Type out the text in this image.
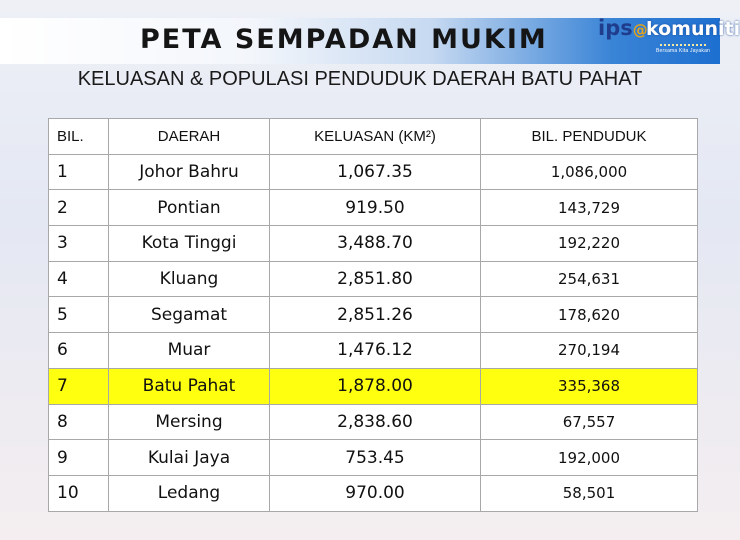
PETA SEMPADAN MUKIM ips@
komuniti
Bersama Kita Jayakan
KELUASAN & POPULASI PENDUDUK DAERAH BATU PAHAT
BIL.	DAERAH	KELUASAN (KM²)	BIL. PENDUDUK
1	Johor Bahru	1,067.35	1,086,000
2	Pontian	919.50	143,729
3	Kota Tinggi	3,488.70	192,220
4	Kluang	2,851.80	254,631
5	Segamat	2,851.26	178,620
6	Muar	1,476.12	270,194
7	Batu Pahat	1,878.00	335,368
8	Mersing	2,838.60	67,557
9	Kulai Jaya	753.45	192,000
10	Ledang	970.00	58,501
